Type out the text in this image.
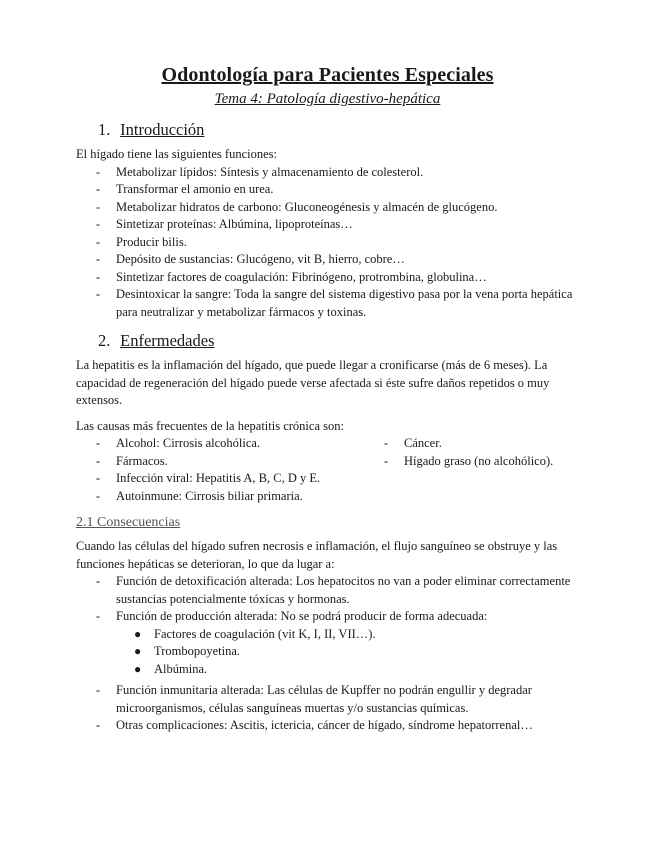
Odontología para Pacientes Especiales
Tema 4: Patología digestivo-hepática
1. Introducción

El hígado tiene las siguientes funciones:

- Metabolizar lípidos: Síntesis y almacenamiento de colesterol.
- Transformar el amonio en urea.
- Metabolizar hidratos de carbono: Gluconeogénesis y almacén de glucógeno.
- Sintetizar proteínas: Albúmina, lipoproteínas…
- Producir bilis.
- Depósito de sustancias: Glucógeno, vit B, hierro, cobre…
- Sintetizar factores de coagulación: Fibrinógeno, protrombina, globulina…
- Desintoxicar la sangre: Toda la sangre del sistema digestivo pasa por la vena porta hepática para neutralizar y metabolizar fármacos y toxinas.
2. Enfermedades

La hepatitis es la inflamación del hígado, que puede llegar a cronificarse (más de 6 meses). La capacidad de regeneración del hígado puede verse afectada si éste sufre daños repetidos o muy extensos.

Las causas más frecuentes de la hepatitis crónica son:

- Alcohol: Cirrosis alcohólica.
- Fármacos.
- Infección viral: Hepatitis A, B, C, D y E.
- Autoinmune: Cirrosis biliar primaria.
- Cáncer.
- Hígado graso (no alcohólico).
2.1 Consecuencias

Cuando las células del hígado sufren necrosis e inflamación, el flujo sanguíneo se obstruye y las funciones hepáticas se deterioran, lo que da lugar a:

- Función de detoxificación alterada: Los hepatocitos no van a poder eliminar correctamente sustancias potencialmente tóxicas y hormonas.
- Función de producción alterada: No se podrá producir de forma adecuada:
● Factores de coagulación (vit K, I, II, VII…).
● Trombopoyetina.
● Albúmina.
- Función inmunitaria alterada: Las células de Kupffer no podrán engullir y degradar microorganismos, células sanguíneas muertas y/o sustancias químicas.
- Otras complicaciones: Ascitis, ictericia, cáncer de hígado, síndrome hepatorrenal…
